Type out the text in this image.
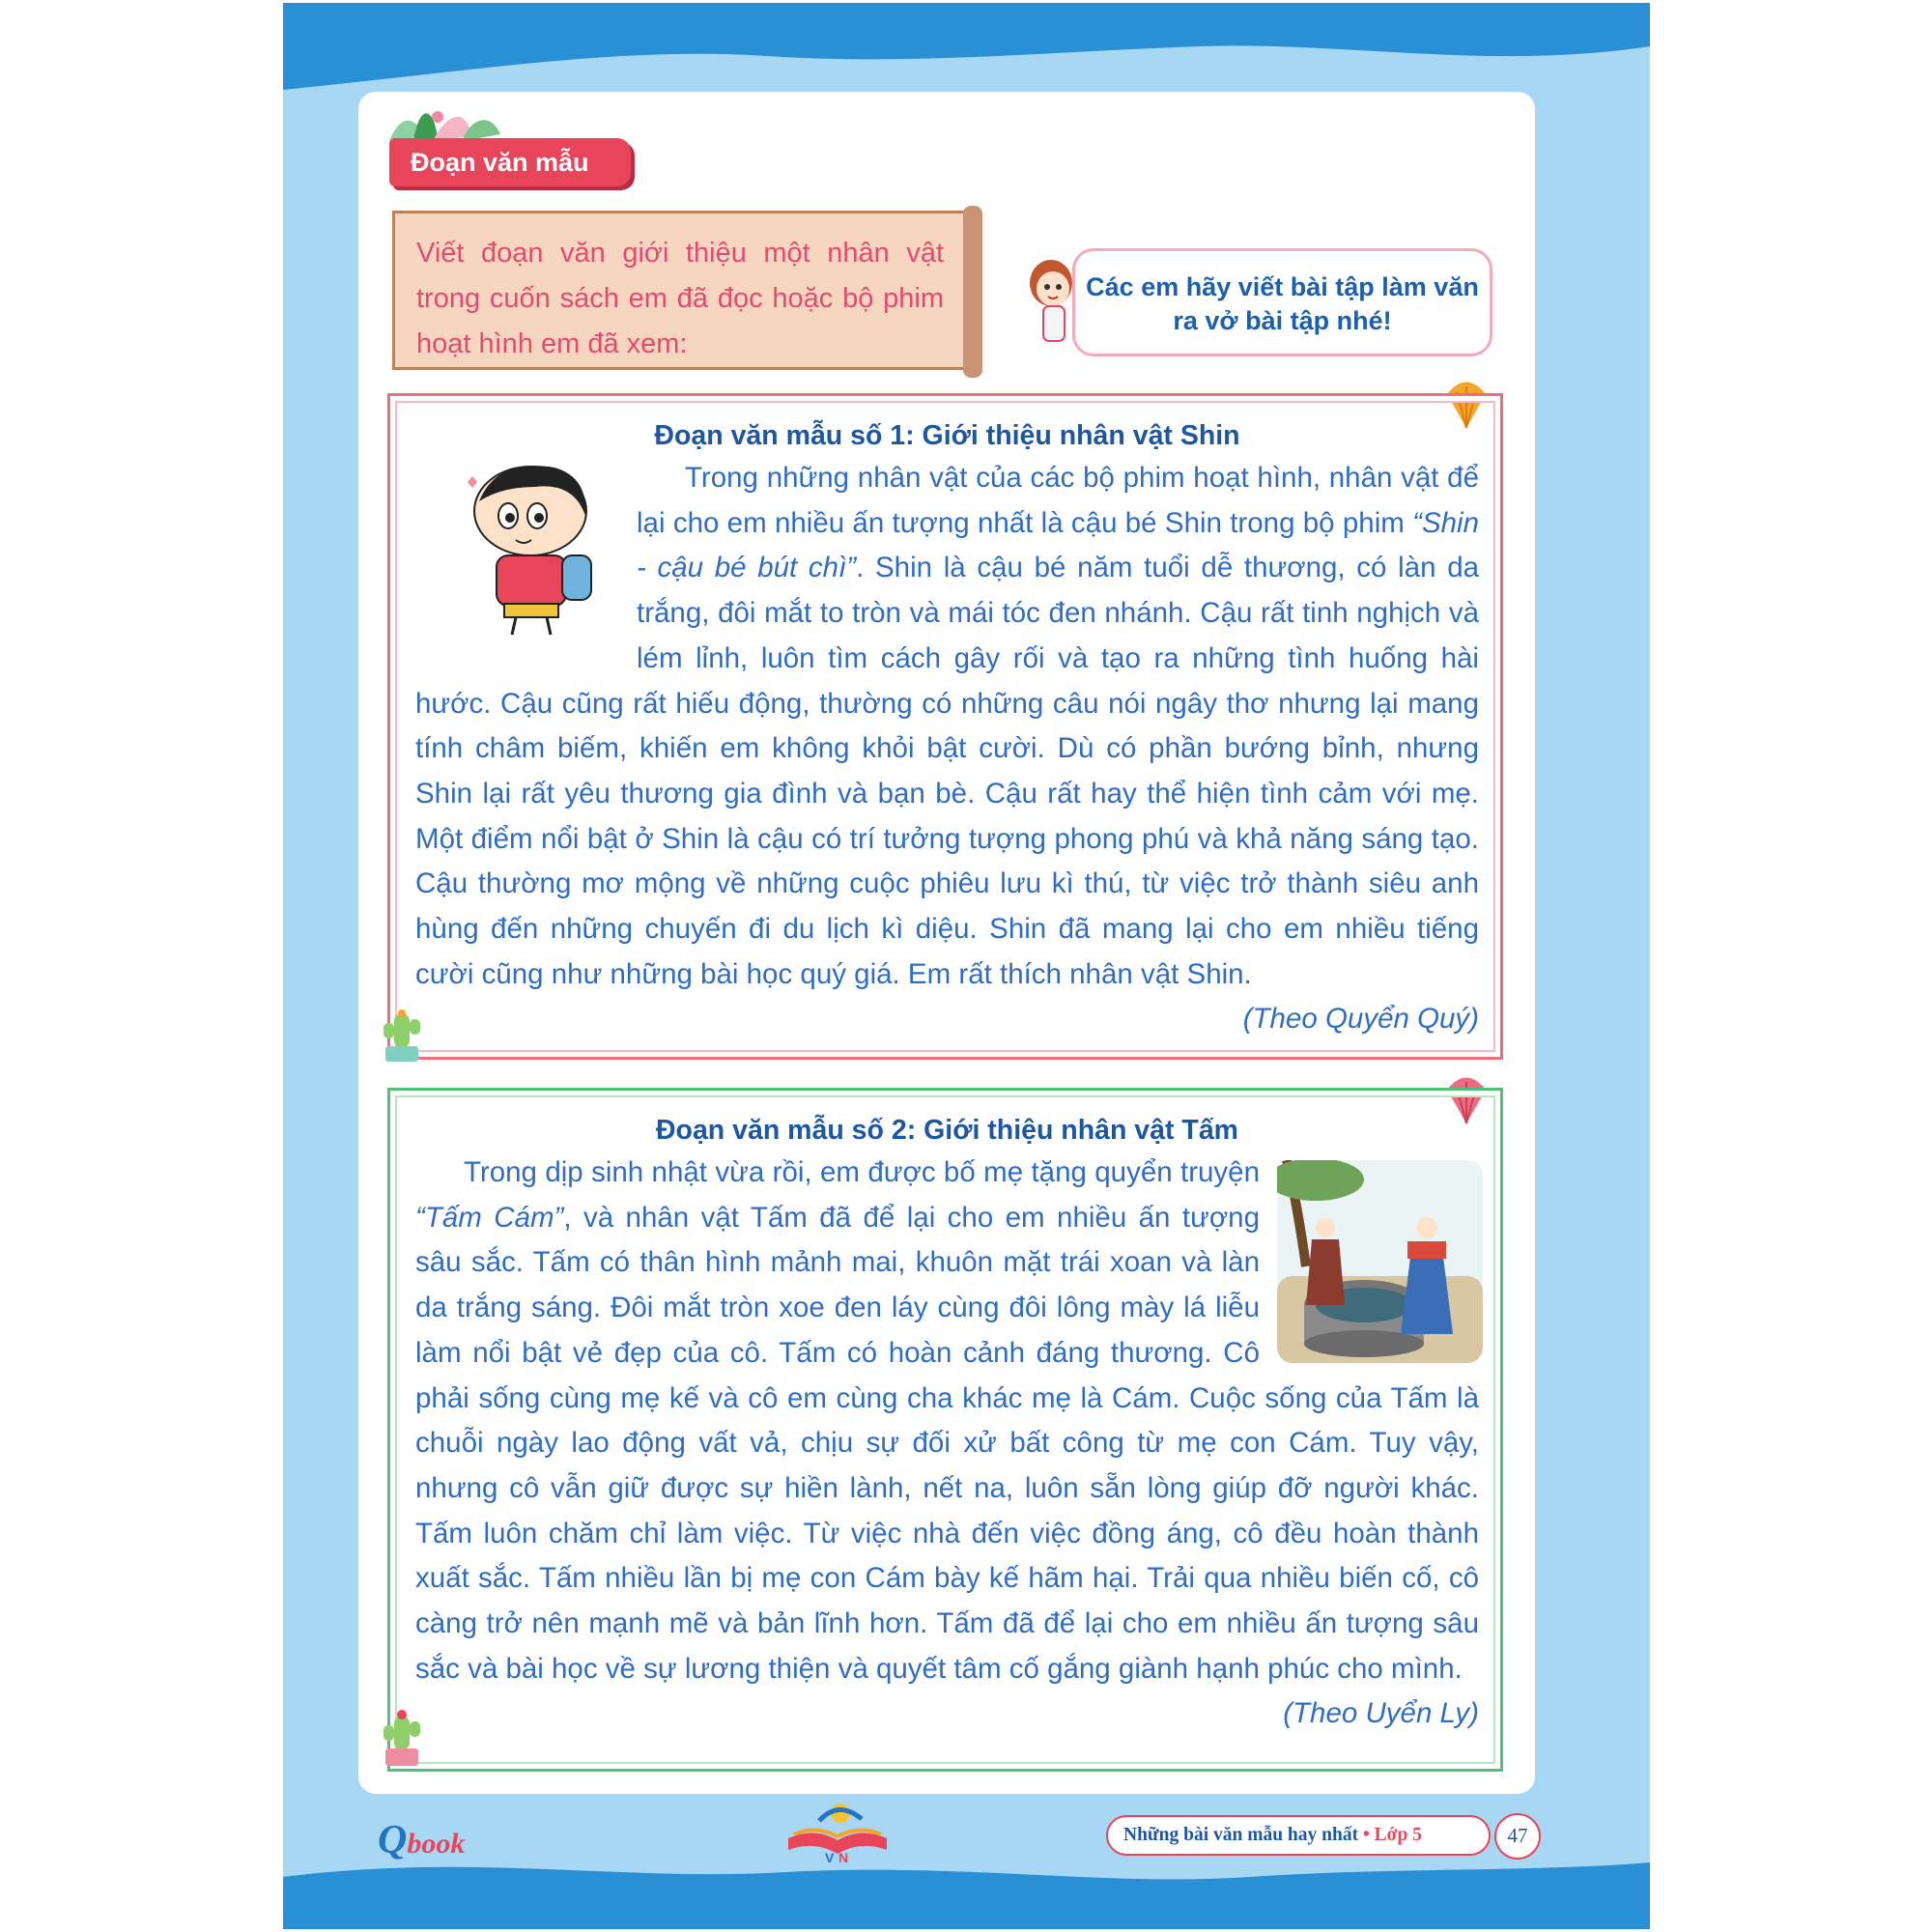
Đoạn văn mẫu
Viết đoạn văn giới thiệu một nhân vật trong cuốn sách em đã đọc hoặc bộ phim hoạt hình em đã xem:
Các em hãy viết bài tập làm văn ra vở bài tập nhé!
Đoạn văn mẫu số 1: Giới thiệu nhân vật Shin

Trong những nhân vật của các bộ phim hoạt hình, nhân vật để lại cho em nhiều ấn tượng nhất là cậu bé Shin trong bộ phim “Shin - cậu bé bút chì”. Shin là cậu bé năm tuổi dễ thương, có làn da trắng, đôi mắt to tròn và mái tóc đen nhánh. Cậu rất tinh nghịch và lém lỉnh, luôn tìm cách gây rối và tạo ra những tình huống hài hước. Cậu cũng rất hiếu động, thường có những câu nói ngây thơ nhưng lại mang tính châm biếm, khiến em không khỏi bật cười. Dù có phần bướng bỉnh, nhưng Shin lại rất yêu thương gia đình và bạn bè. Cậu rất hay thể hiện tình cảm với mẹ. Một điểm nổi bật ở Shin là cậu có trí tưởng tượng phong phú và khả năng sáng tạo. Cậu thường mơ mộng về những cuộc phiêu lưu kì thú, từ việc trở thành siêu anh hùng đến những chuyến đi du lịch kì diệu. Shin đã mang lại cho em nhiều tiếng cười cũng như những bài học quý giá. Em rất thích nhân vật Shin.

(Theo Quyển Quý)

Đoạn văn mẫu số 2: Giới thiệu nhân vật Tấm

Trong dịp sinh nhật vừa rồi, em được bố mẹ tặng quyển truyện “Tấm Cám”, và nhân vật Tấm đã để lại cho em nhiều ấn tượng sâu sắc. Tấm có thân hình mảnh mai, khuôn mặt trái xoan và làn da trắng sáng. Đôi mắt tròn xoe đen láy cùng đôi lông mày lá liễu làm nổi bật vẻ đẹp của cô. Tấm có hoàn cảnh đáng thương. Cô phải sống cùng mẹ kế và cô em cùng cha khác mẹ là Cám. Cuộc sống của Tấm là chuỗi ngày lao động vất vả, chịu sự đối xử bất công từ mẹ con Cám. Tuy vậy, nhưng cô vẫn giữ được sự hiền lành, nết na, luôn sẵn lòng giúp đỡ người khác. Tấm luôn chăm chỉ làm việc. Từ việc nhà đến việc đồng áng, cô đều hoàn thành xuất sắc. Tấm nhiều lần bị mẹ con Cám bày kế hãm hại. Trải qua nhiều biến cố, cô càng trở nên mạnh mẽ và bản lĩnh hơn. Tấm đã để lại cho em nhiều ấn tượng sâu sắc và bài học về sự lương thiện và quyết tâm cố gắng giành hạnh phúc cho mình.

(Theo Uyển Ly)

Qbook	V N
Những bài văn mẫu hay nhất • Lớp 5	47
